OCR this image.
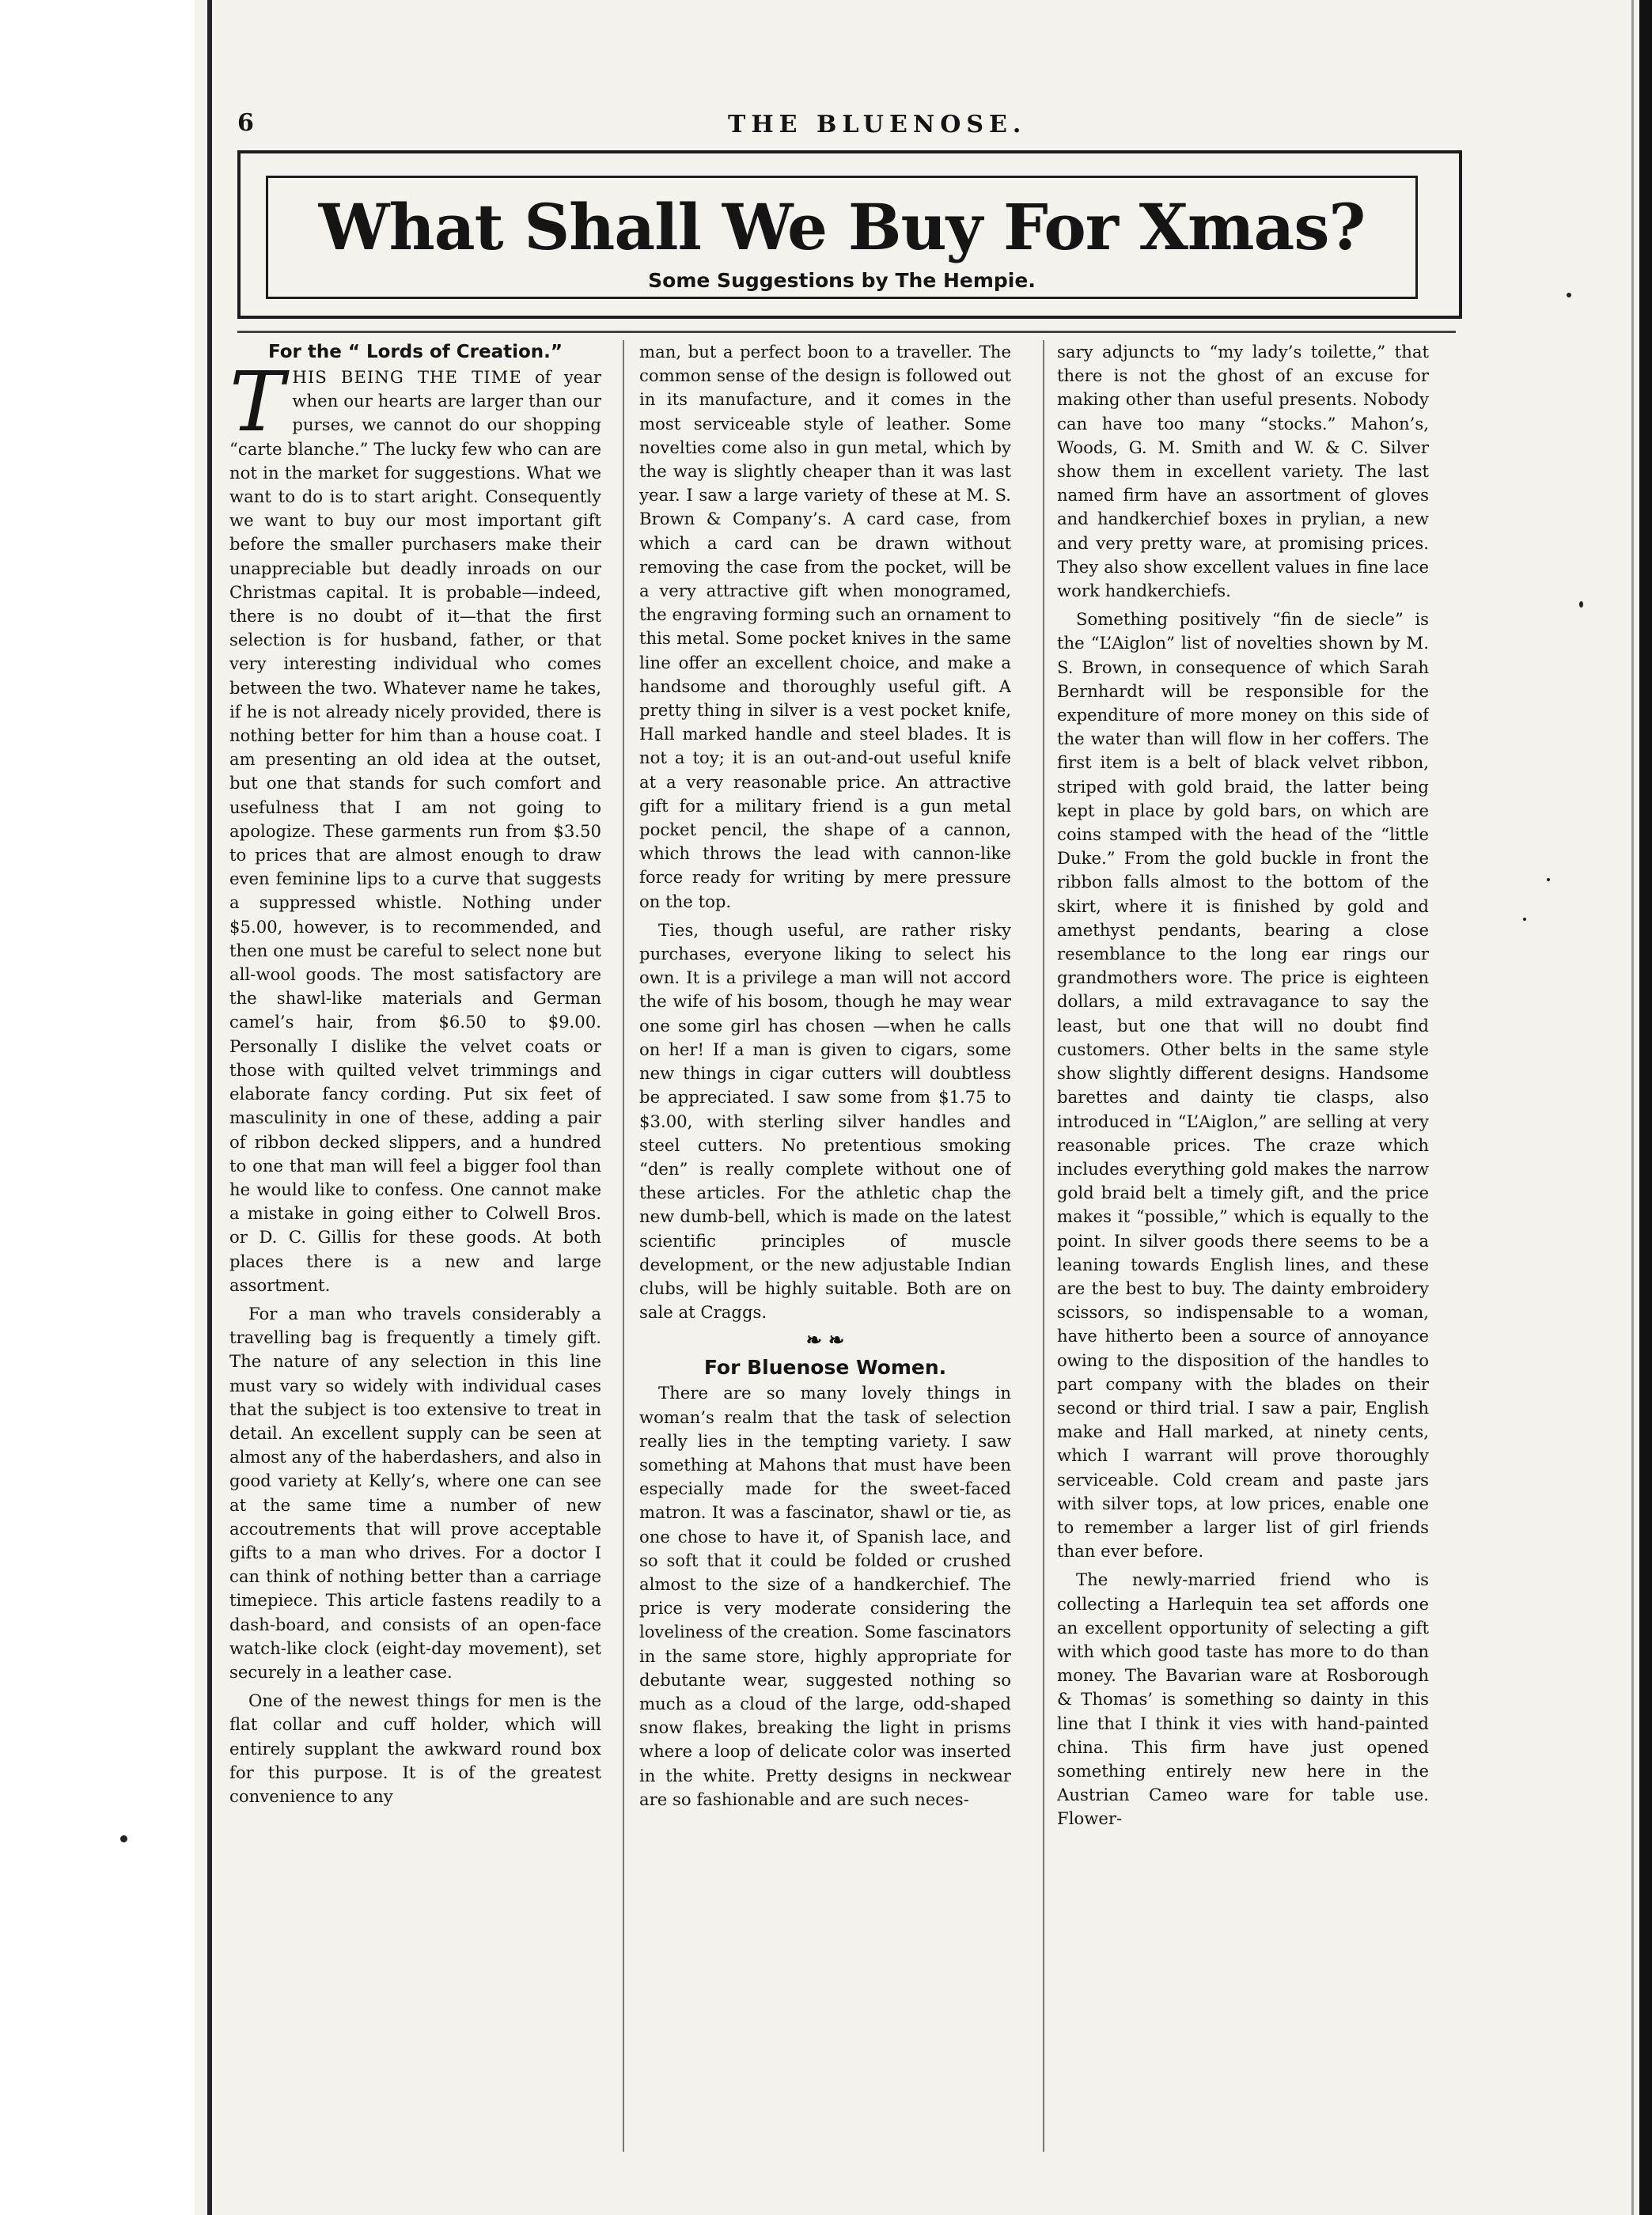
6	THE BLUENOSE.
What Shall We Buy For Xmas?
Some Suggestions by The Hempie.
For the “ Lords of Creation.”

THIS BEING THE TIME of year when our hearts are larger than our purses, we cannot do our shopping “carte blanche.” The lucky few who can are not in the market for suggestions. What we want to do is to start aright. Consequently we want to buy our most important gift before the smaller purchasers make their unappreciable but deadly inroads on our Christmas capital. It is probable—indeed, there is no doubt of it—that the first selection is for husband, father, or that very interesting individual who comes between the two. Whatever name he takes, if he is not already nicely provided, there is nothing better for him than a house coat. I am presenting an old idea at the outset, but one that stands for such comfort and usefulness that I am not going to apologize. These garments run from $3.50 to prices that are almost enough to draw even feminine lips to a curve that suggests a suppressed whistle. Nothing under $5.00, however, is to recommended, and then one must be careful to select none but all-wool goods. The most satisfactory are the shawl-like materials and German camel’s hair, from $6.50 to $9.00. Personally I dislike the velvet coats or those with quilted velvet trimmings and elaborate fancy cording. Put six feet of masculinity in one of these, adding a pair of ribbon decked slippers, and a hundred to one that man will feel a bigger fool than he would like to confess. One cannot make a mistake in going either to Colwell Bros. or D. C. Gillis for these goods. At both places there is a new and large assortment.

For a man who travels considerably a travelling bag is frequently a timely gift. The nature of any selection in this line must vary so widely with individual cases that the subject is too extensive to treat in detail. An excellent supply can be seen at almost any of the haberdashers, and also in good variety at Kelly’s, where one can see at the same time a number of new accoutrements that will prove acceptable gifts to a man who drives. For a doctor I can think of nothing better than a carriage timepiece. This article fastens readily to a dash-board, and consists of an open-face watch-like clock (eight-day movement), set securely in a leather case.

One of the newest things for men is the flat collar and cuff holder, which will entirely supplant the awkward round box for this purpose. It is of the greatest convenience to any

man, but a perfect boon to a traveller. The common sense of the design is followed out in its manufacture, and it comes in the most serviceable style of leather. Some novelties come also in gun metal, which by the way is slightly cheaper than it was last year. I saw a large variety of these at M. S. Brown & Company’s. A card case, from which a card can be drawn without removing the case from the pocket, will be a very attractive gift when monogramed, the engraving forming such an ornament to this metal. Some pocket knives in the same line offer an excellent choice, and make a handsome and thoroughly useful gift. A pretty thing in silver is a vest pocket knife, Hall marked handle and steel blades. It is not a toy; it is an out-and-out useful knife at a very reasonable price. An attractive gift for a military friend is a gun metal pocket pencil, the shape of a cannon, which throws the lead with cannon-like force ready for writing by mere pressure on the top.

Ties, though useful, are rather risky purchases, everyone liking to select his own. It is a privilege a man will not accord the wife of his bosom, though he may wear one some girl has chosen —when he calls on her! If a man is given to cigars, some new things in cigar cutters will doubtless be appreciated. I saw some from $1.75 to $3.00, with sterling silver handles and steel cutters. No pretentious smoking “den” is really complete without one of these articles. For the athletic chap the new dumb-bell, which is made on the latest scientific principles of muscle development, or the new adjustable Indian clubs, will be highly suitable. Both are on sale at Craggs.

❧ ❧
For Bluenose Women.

There are so many lovely things in woman’s realm that the task of selection really lies in the tempting variety. I saw something at Mahons that must have been especially made for the sweet-faced matron. It was a fascinator, shawl or tie, as one chose to have it, of Spanish lace, and so soft that it could be folded or crushed almost to the size of a handkerchief. The price is very moderate considering the loveliness of the creation. Some fascinators in the same store, highly appropriate for debutante wear, suggested nothing so much as a cloud of the large, odd-shaped snow flakes, breaking the light in prisms where a loop of delicate color was inserted in the white. Pretty designs in neckwear are so fashionable and are such neces-

sary adjuncts to “my lady’s toilette,” that there is not the ghost of an excuse for making other than useful presents. Nobody can have too many “stocks.” Mahon’s, Woods, G. M. Smith and W. & C. Silver show them in excellent variety. The last named firm have an assortment of gloves and handkerchief boxes in prylian, a new and very pretty ware, at promising prices. They also show excellent values in fine lace work handkerchiefs.

Something positively “fin de siecle” is the “L’Aiglon” list of novelties shown by M. S. Brown, in consequence of which Sarah Bernhardt will be responsible for the expenditure of more money on this side of the water than will flow in her coffers. The first item is a belt of black velvet ribbon, striped with gold braid, the latter being kept in place by gold bars, on which are coins stamped with the head of the “little Duke.” From the gold buckle in front the ribbon falls almost to the bottom of the skirt, where it is finished by gold and amethyst pendants, bearing a close resemblance to the long ear rings our grandmothers wore. The price is eighteen dollars, a mild extravagance to say the least, but one that will no doubt find customers. Other belts in the same style show slightly different designs. Handsome barettes and dainty tie clasps, also introduced in “L’Aiglon,” are selling at very reasonable prices. The craze which includes everything gold makes the narrow gold braid belt a timely gift, and the price makes it “possible,” which is equally to the point. In silver goods there seems to be a leaning towards English lines, and these are the best to buy. The dainty embroidery scissors, so indispensable to a woman, have hitherto been a source of annoyance owing to the disposition of the handles to part company with the blades on their second or third trial. I saw a pair, English make and Hall marked, at ninety cents, which I warrant will prove thoroughly serviceable. Cold cream and paste jars with silver tops, at low prices, enable one to remember a larger list of girl friends than ever before.

The newly-married friend who is collecting a Harlequin tea set affords one an excellent opportunity of selecting a gift with which good taste has more to do than money. The Bavarian ware at Rosborough & Thomas’ is something so dainty in this line that I think it vies with hand-painted china. This firm have just opened something entirely new here in the Austrian Cameo ware for table use. Flower-
